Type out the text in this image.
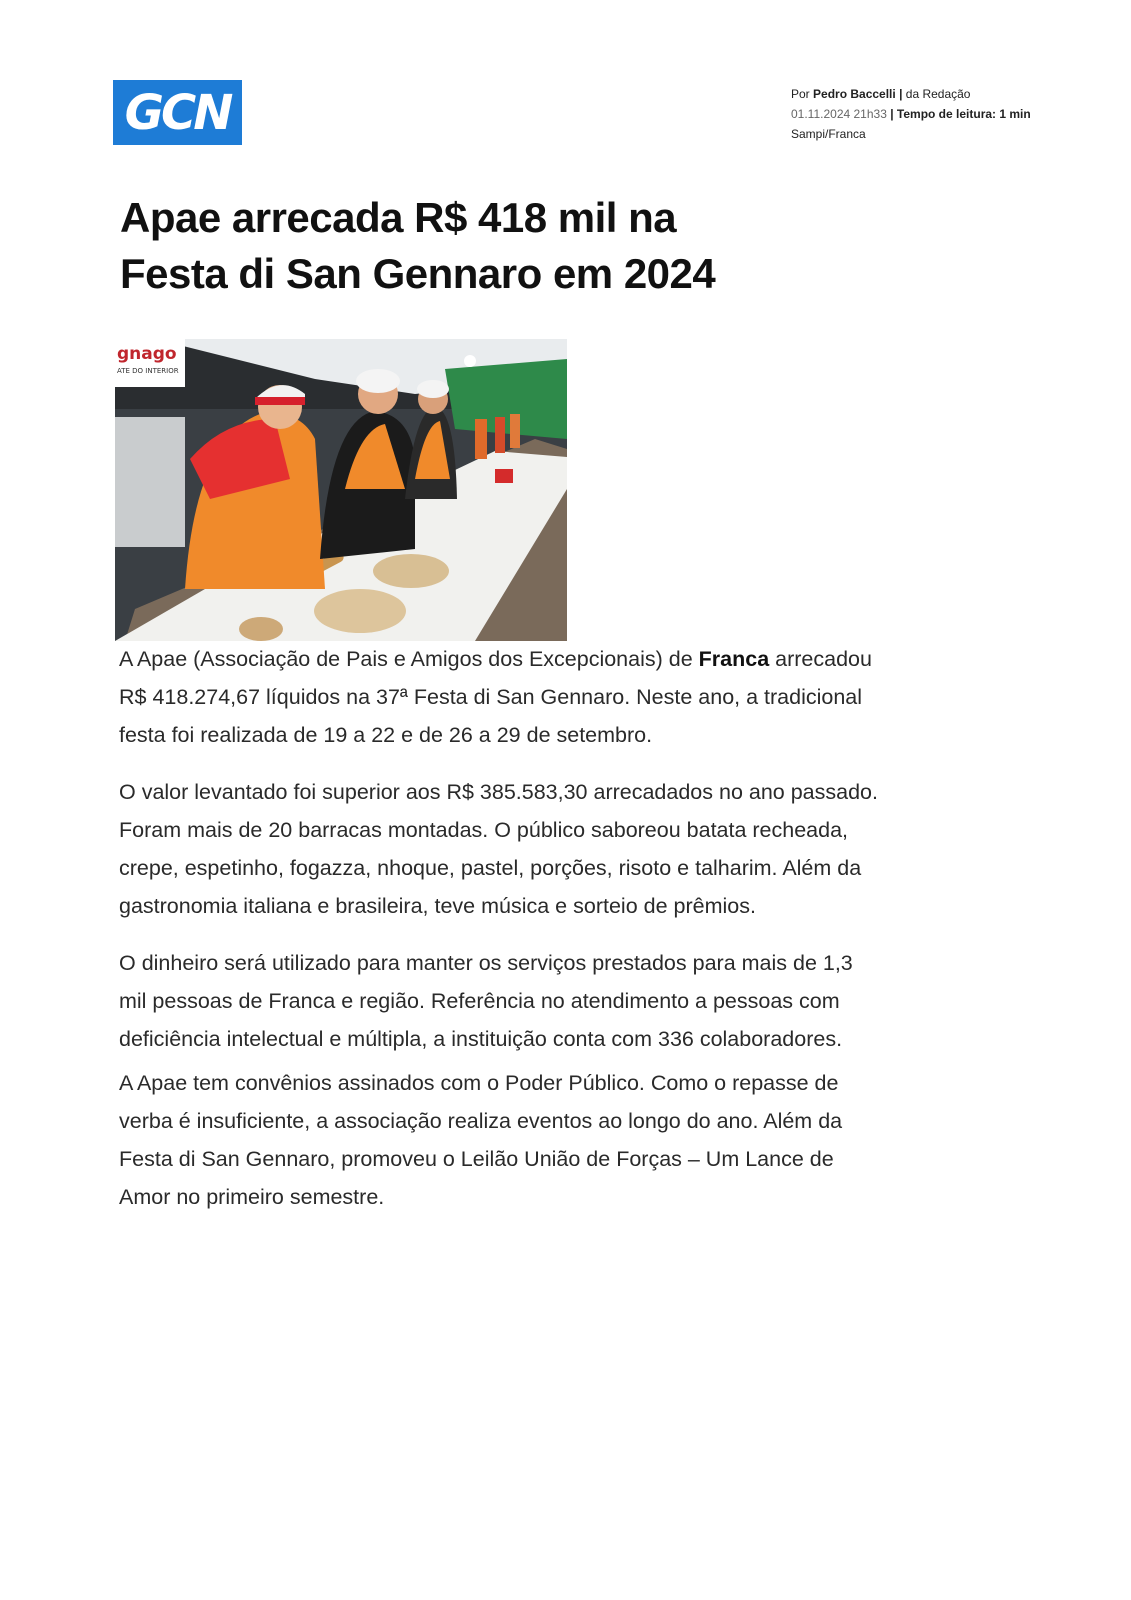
GCN	Por Pedro Baccelli | da Redação
01.11.2024 21h33 | Tempo de leitura: 1 min
Sampi/Franca
Apae arrecada R$ 418 mil na
Festa di San Gennaro em 2024
gnago
ATE DO INTERIOR

A Apae (Associação de Pais e Amigos dos Excepcionais) de Franca arrecadou R$ 418.274,67 líquidos na 37ª Festa di San Gennaro. Neste ano, a tradicional festa foi realizada de 19 a 22 e de 26 a 29 de setembro.

O valor levantado foi superior aos R$ 385.583,30 arrecadados no ano passado. Foram mais de 20 barracas montadas. O público saboreou batata recheada, crepe, espetinho, fogazza, nhoque, pastel, porções, risoto e talharim. Além da gastronomia italiana e brasileira, teve música e sorteio de prêmios.

O dinheiro será utilizado para manter os serviços prestados para mais de 1,3 mil pessoas de Franca e região. Referência no atendimento a pessoas com deficiência intelectual e múltipla, a instituição conta com 336 colaboradores.

A Apae tem convênios assinados com o Poder Público. Como o repasse de verba é insuficiente, a associação realiza eventos ao longo do ano. Além da Festa di San Gennaro, promoveu o Leilão União de Forças – Um Lance de Amor no primeiro semestre.
